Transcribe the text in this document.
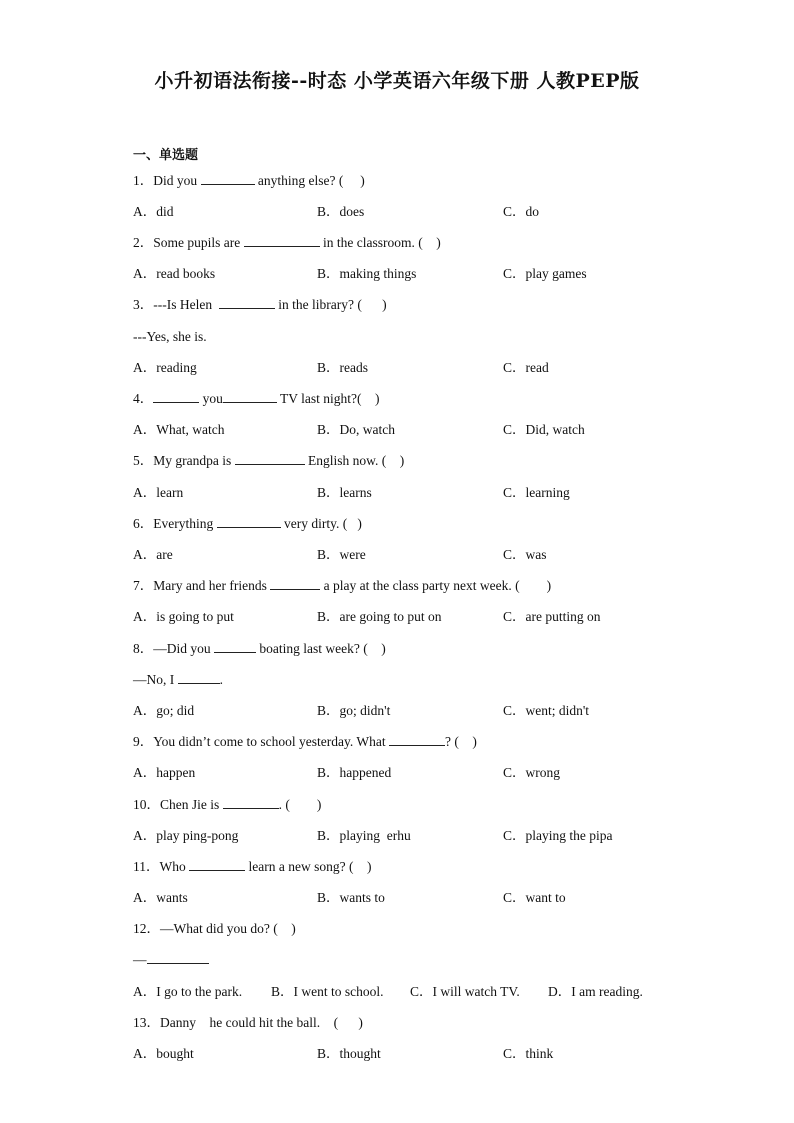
小升初语法衔接--时态 小学英语六年级下册 人教PEP版
一、单选题
1．Did you	anything else? (     )
A．did	B．does	C．do
2．Some pupils are	in the classroom. (    )
A．read books	B．making things	C．play games
3．---Is Helen	in the library? (      )
---Yes, she is.
A．reading	B．reads	C．read
4．	you	TV last night?(    )
A．What, watch	B．Do, watch	C．Did, watch
5．My grandpa is	English now. (    )
A．learn	B．learns	C．learning
6．Everything	very dirty. (   )
A．are	B．were	C．was
7．Mary and her friends	a play at the class party next week. (        )
A．is going to put	B．are going to put on	C．are putting on
8．—Did you	boating last week? (    )
—No, I	.
A．go; did	B．go; didn't	C．went; didn't
9．You didn’t come to school yesterday. What	? (    )
A．happen	B．happened	C．wrong
10．Chen Jie is	. (        )
A．play ping-pong	B．playing  erhu	C．playing the pipa
11．Who	learn a new song? (    )
A．wants	B．wants to	C．want to
12．—What did you do? (    )
—
A．I go to the park. B．I went to school. C．I will watch TV. D．I am reading.
13．Danny    he could hit the ball.    (      )
A．bought	B．thought	C．think
